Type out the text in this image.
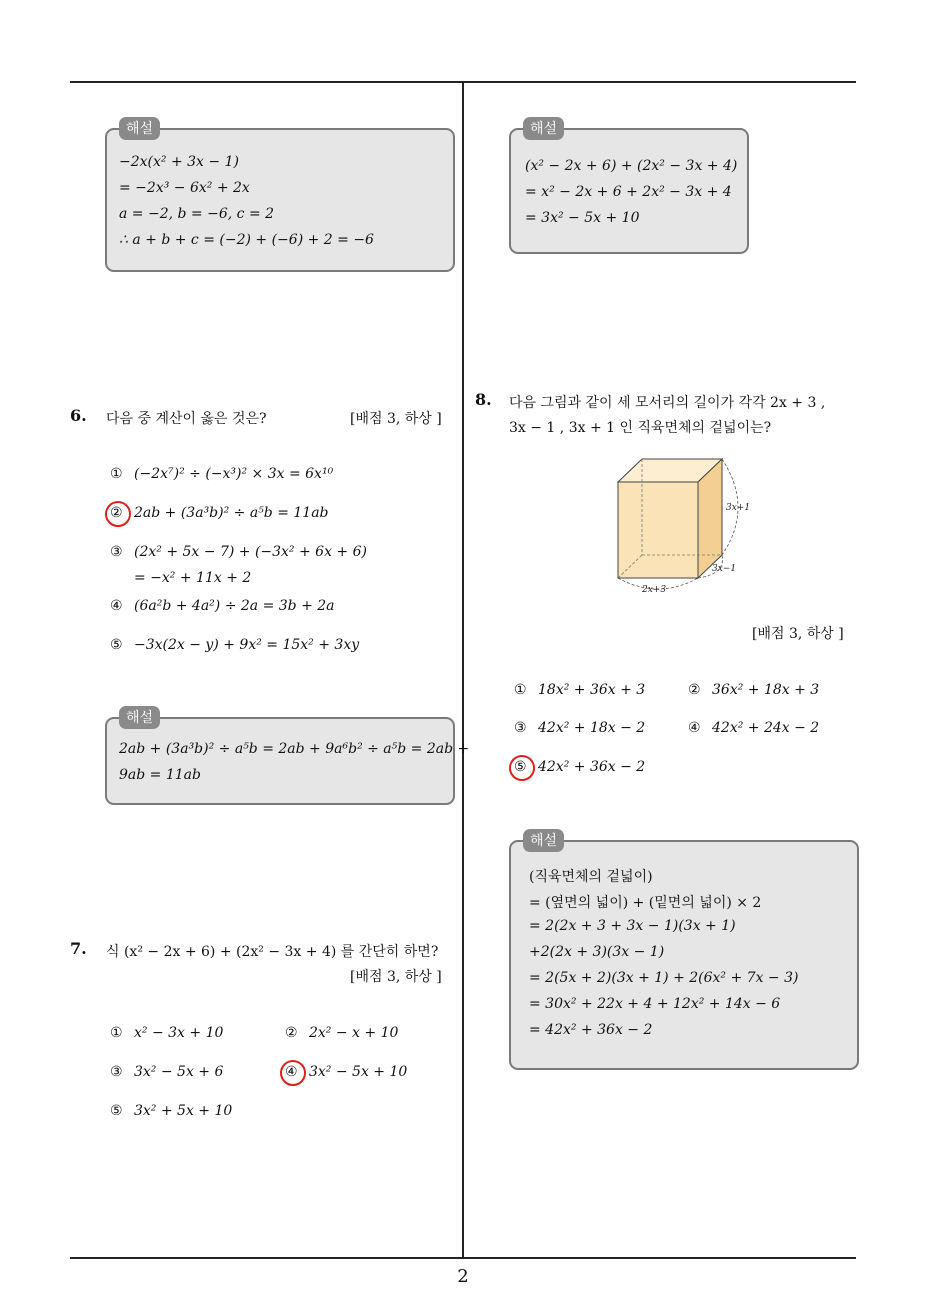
해설
−2x(x² + 3x − 1)
= −2x³ − 6x² + 2x
a = −2, b = −6, c = 2
∴ a + b + c = (−2) + (−6) + 2 = −6
해설
(x² − 2x + 6) + (2x² − 3x + 4)
= x² − 2x + 6 + 2x² − 3x + 4
= 3x² − 5x + 10
6. 다음 중 계산이 옳은 것은?	[배점 3, 하상 ]
① (−2x⁷)² ÷ (−x³)² × 3x = 6x¹⁰
② 2ab + (3a³b)² ÷ a⁵b = 11ab
③ (2x² + 5x − 7) + (−3x² + 6x + 6)
= −x² + 11x + 2
④ (6a²b + 4a²) ÷ 2a = 3b + 2a
⑤ −3x(2x − y) + 9x² = 15x² + 3xy
해설
2ab + (3a³b)² ÷ a⁵b = 2ab + 9a⁶b² ÷ a⁵b = 2ab +
9ab = 11ab
7. 식 (x² − 2x + 6) + (2x² − 3x + 4) 를 간단히 하면?
[배점 3, 하상 ]
① x² − 3x + 10	② 2x² − x + 10
③ 3x² − 5x + 6	④ 3x² − 5x + 10
⑤ 3x² + 5x + 10
8. 다음 그림과 같이 세 모서리의 길이가 각각 2x + 3 ,
3x − 1 , 3x + 1 인 직육면체의 겉넓이는?
3x+1
3x−1
2x+3
[배점 3, 하상 ]
① 18x² + 36x + 3	② 36x² + 18x + 3
③ 42x² + 18x − 2	④ 42x² + 24x − 2
⑤ 42x² + 36x − 2
해설
(직육면체의 겉넓이)
= (옆면의 넓이) + (밑면의 넓이) × 2
= 2(2x + 3 + 3x − 1)(3x + 1)
+2(2x + 3)(3x − 1)
= 2(5x + 2)(3x + 1) + 2(6x² + 7x − 3)
= 30x² + 22x + 4 + 12x² + 14x − 6
= 42x² + 36x − 2
2
